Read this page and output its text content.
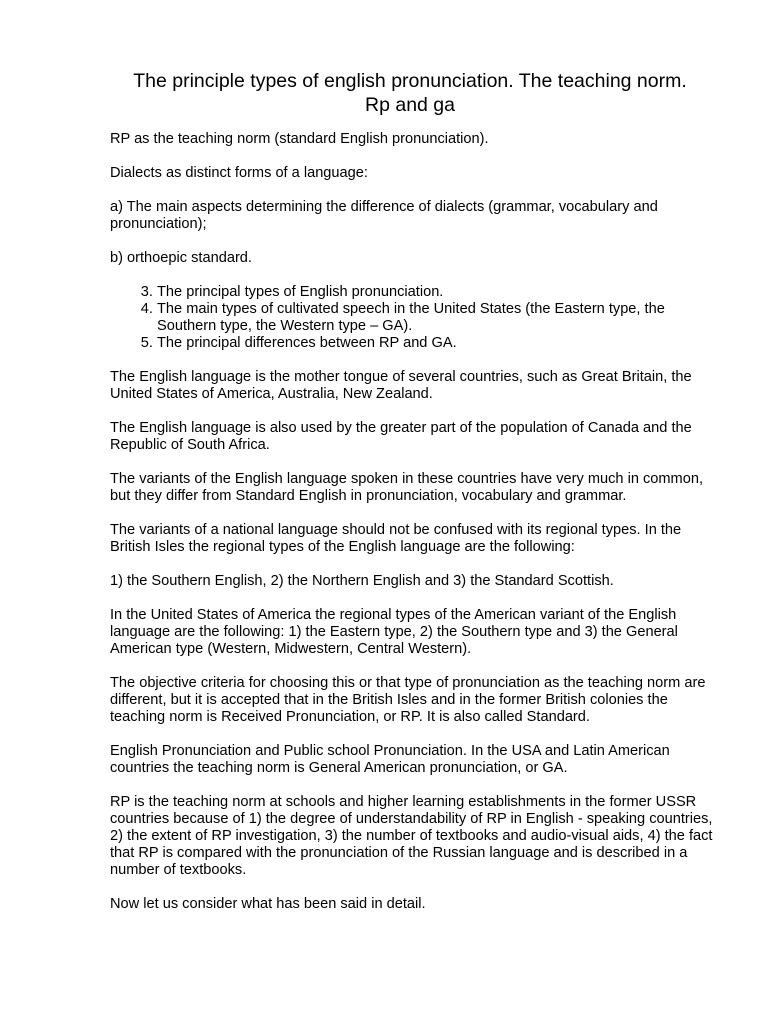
The principle types of english pronunciation. The teaching norm. Rp and ga

RP as the teaching norm (standard English pronunciation).

Dialects as distinct forms of a language:

a) The main aspects determining the difference of dialects (grammar, vocabulary and pronunciation);

b) orthoepic standard.

3. The principal types of English pronunciation.
4. The main types of cultivated speech in the United States (the Eastern type, the Southern type, the Western type – GA).
5. The principal differences between RP and GA.

The English language is the mother tongue of several countries, such as Great Britain, the United States of America, Australia, New Zealand.

The English language is also used by the greater part of the population of Canada and the Republic of South Africa.

The variants of the English language spoken in these countries have very much in common, but they differ from Standard English in pronunciation, vocabulary and grammar.

The variants of a national language should not be confused with its regional types. In the British Isles the regional types of the English language are the following:

1) the Southern English, 2) the Northern English and 3) the Standard Scottish.

In the United States of America the regional types of the American variant of the English language are the following: 1) the Eastern type, 2) the Southern type and 3) the General American type (Western, Midwestern, Central Western).

The objective criteria for choosing this or that type of pronunciation as the teaching norm are different, but it is accepted that in the British Isles and in the former British colonies the teaching norm is Received Pronunciation, or RP. It is also called Standard.

English Pronunciation and Public school Pronunciation. In the USA and Latin American countries the teaching norm is General American pronunciation, or GA.

RP is the teaching norm at schools and higher learning establishments in the former USSR countries because of 1) the degree of understandability of RP in English - speaking countries, 2) the extent of RP investigation, 3) the number of textbooks and audio-visual aids, 4) the fact that RP is compared with the pronunciation of the Russian language and is described in a number of textbooks.

Now let us consider what has been said in detail.
